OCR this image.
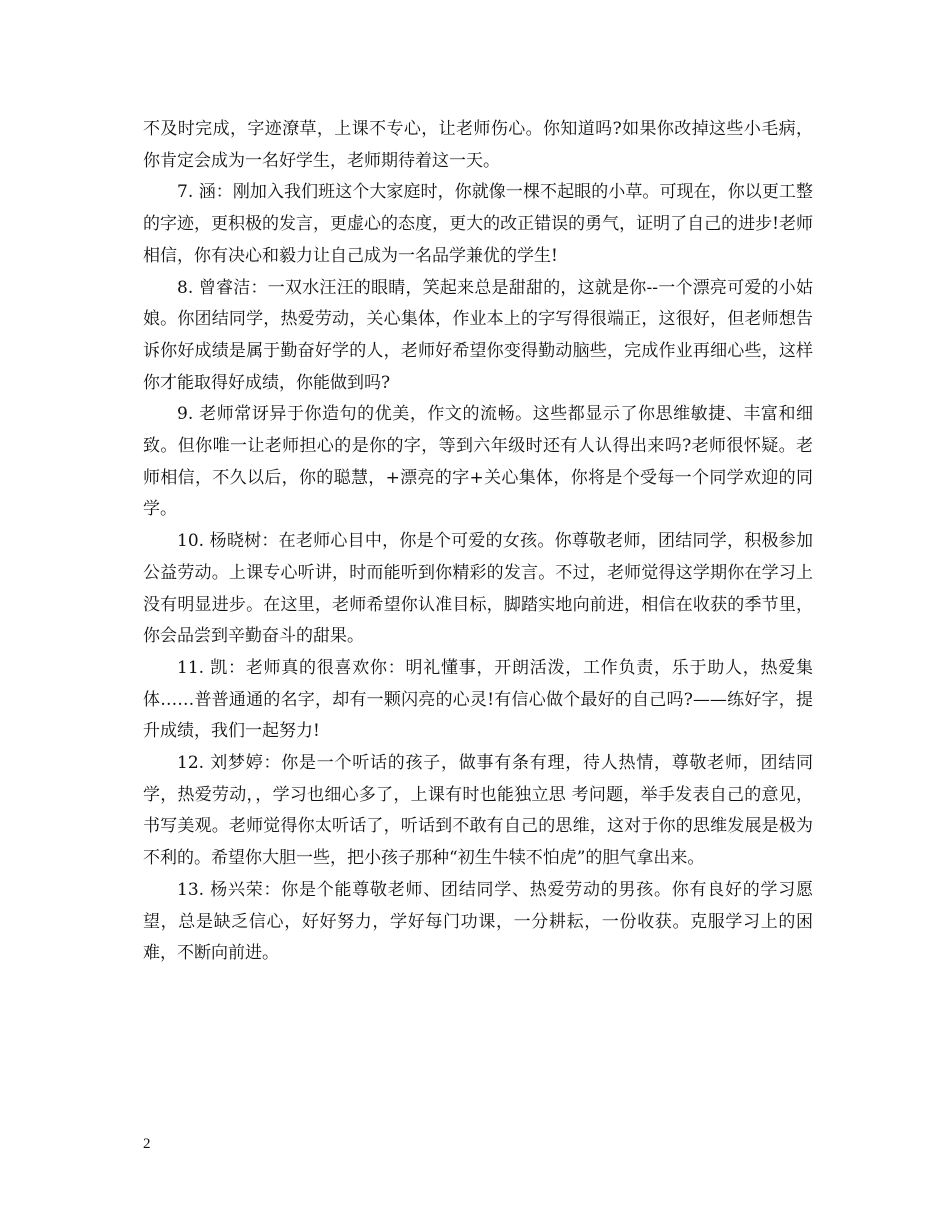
不及时完成，字迹潦草，上课不专心，让老师伤心。你知道吗?如果你改掉这些小毛病，你肯定会成为一名好学生，老师期待着这一天。

7. 涵：刚加入我们班这个大家庭时，你就像一棵不起眼的小草。可现在，你以更工整的字迹，更积极的发言，更虚心的态度，更大的改正错误的勇气，证明了自己的进步!老师相信，你有决心和毅力让自己成为一名品学兼优的学生!

8. 曾睿洁：一双水汪汪的眼睛，笑起来总是甜甜的，这就是你--一个漂亮可爱的小姑娘。你团结同学，热爱劳动，关心集体，作业本上的字写得很端正，这很好，但老师想告诉你好成绩是属于勤奋好学的人，老师好希望你变得勤动脑些，完成作业再细心些，这样你才能取得好成绩，你能做到吗?

9. 老师常讶异于你造句的优美，作文的流畅。这些都显示了你思维敏捷、丰富和细致。但你唯一让老师担心的是你的字，等到六年级时还有人认得出来吗?老师很怀疑。老师相信，不久以后，你的聪慧，+漂亮的字+关心集体，你将是个受每一个同学欢迎的同学。

10. 杨晓树：在老师心目中，你是个可爱的女孩。你尊敬老师，团结同学，积极参加公益劳动。上课专心听讲，时而能听到你精彩的发言。不过，老师觉得这学期你在学习上没有明显进步。在这里，老师希望你认准目标，脚踏实地向前进，相信在收获的季节里，你会品尝到辛勤奋斗的甜果。

11. 凯：老师真的很喜欢你：明礼懂事，开朗活泼，工作负责，乐于助人，热爱集体……普普通通的名字，却有一颗闪亮的心灵!有信心做个最好的自己吗?——练好字，提升成绩，我们一起努力!

12. 刘梦婷：你是一个听话的孩子，做事有条有理，待人热情，尊敬老师，团结同学，热爱劳动，，学习也细心多了，上课有时也能独立思 考问题，举手发表自己的意见，书写美观。老师觉得你太听话了，听话到不敢有自己的思维，这对于你的思维发展是极为不利的。希望你大胆一些，把小孩子那种“初生牛犊不怕虎”的胆气拿出来。

13. 杨兴荣：你是个能尊敬老师、团结同学、热爱劳动的男孩。你有良好的学习愿望，总是缺乏信心，好好努力，学好每门功课，一分耕耘，一份收获。克服学习上的困难，不断向前进。

2
